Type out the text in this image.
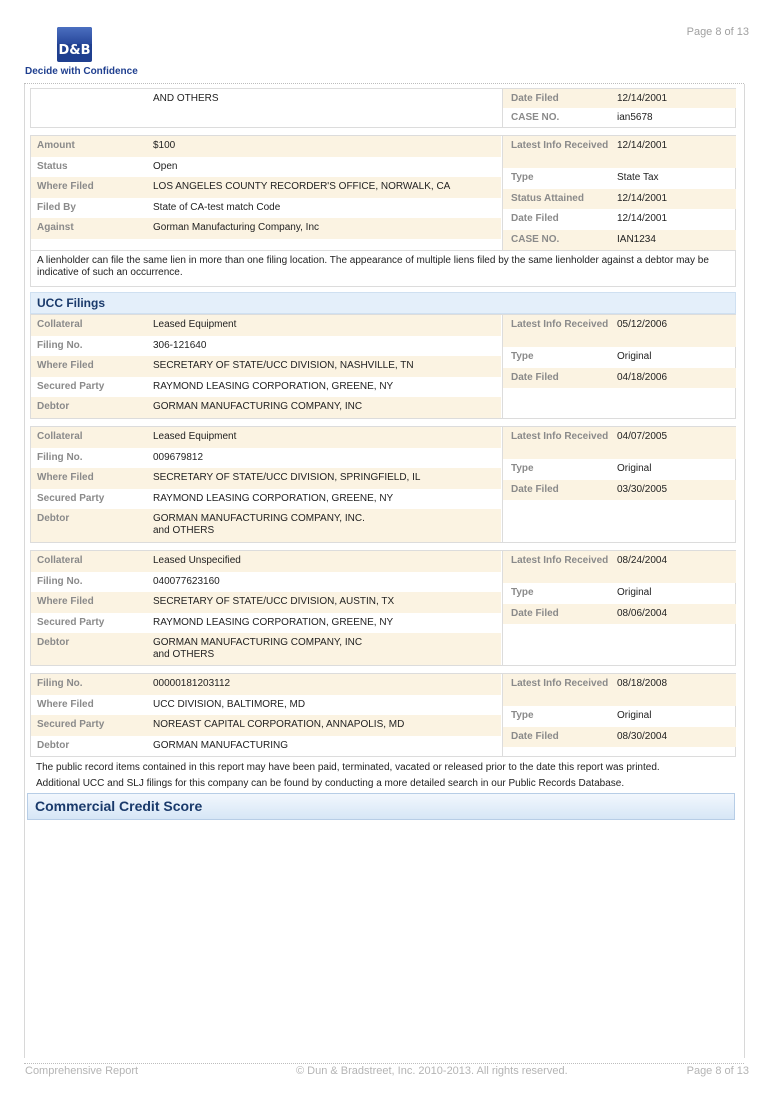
Page 8 of 13
D&B
Decide with Confidence
AND OTHERS	Date Filed	12/14/2001
CASE NO.	ian5678
Amount	$100
Status	Open
Where Filed	LOS ANGELES COUNTY RECORDER'S OFFICE, NORWALK, CA
Filed By	State of CA-test match Code
Against	Gorman Manufacturing Company, Inc
Latest Info Received 12/14/2001
Type	State Tax
Status Attained	12/14/2001
Date Filed	12/14/2001
CASE NO.	IAN1234
A lienholder can file the same lien in more than one filing location. The appearance of multiple liens filed by the same lienholder against a debtor may be indicative of such an occurrence.
UCC Filings
Collateral	Leased Equipment
Filing No.	306-121640
Where Filed	SECRETARY OF STATE/UCC DIVISION, NASHVILLE, TN
Secured Party	RAYMOND LEASING CORPORATION, GREENE, NY
Debtor	GORMAN MANUFACTURING COMPANY, INC
Latest Info Received 05/12/2006
Type	Original
Date Filed	04/18/2006
Collateral	Leased Equipment
Filing No.	009679812
Where Filed	SECRETARY OF STATE/UCC DIVISION, SPRINGFIELD, IL
Secured Party	RAYMOND LEASING CORPORATION, GREENE, NY
Debtor	GORMAN MANUFACTURING COMPANY, INC.
and OTHERS
Latest Info Received 04/07/2005
Type	Original
Date Filed	03/30/2005
Collateral	Leased Unspecified
Filing No.	040077623160
Where Filed	SECRETARY OF STATE/UCC DIVISION, AUSTIN, TX
Secured Party	RAYMOND LEASING CORPORATION, GREENE, NY
Debtor	GORMAN MANUFACTURING COMPANY, INC
and OTHERS
Latest Info Received 08/24/2004
Type	Original
Date Filed	08/06/2004
Filing No.	00000181203112
Where Filed	UCC DIVISION, BALTIMORE, MD
Secured Party	NOREAST CAPITAL CORPORATION, ANNAPOLIS, MD
Debtor	GORMAN MANUFACTURING
Latest Info Received 08/18/2008
Type	Original
Date Filed	08/30/2004
The public record items contained in this report may have been paid, terminated, vacated or released prior to the date this report was printed.
Additional UCC and SLJ filings for this company can be found by conducting a more detailed search in our Public Records Database.
Commercial Credit Score
Comprehensive Report	© Dun & Bradstreet, Inc. 2010-2013. All rights reserved.	Page 8 of 13
